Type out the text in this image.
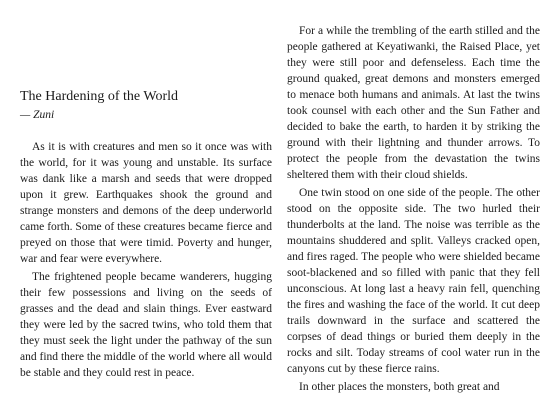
The Hardening of the World
— Zuni

As it is with creatures and men so it once was with the world, for it was young and unstable. Its surface was dank like a marsh and seeds that were dropped upon it grew. Earthquakes shook the ground and strange monsters and demons of the deep underworld came forth. Some of these creatures became fierce and preyed on those that were timid. Poverty and hunger, war and fear were everywhere.

The frightened people became wanderers, hugging their few possessions and living on the seeds of grasses and the dead and slain things. Ever eastward they were led by the sacred twins, who told them that they must seek the light under the pathway of the sun and find there the middle of the world where all would be stable and they could rest in peace.

For a while the trembling of the earth stilled and the people gathered at Keyatiwanki, the Raised Place, yet they were still poor and defenseless. Each time the ground quaked, great demons and monsters emerged to menace both humans and animals. At last the twins took counsel with each other and the Sun Father and decided to bake the earth, to harden it by striking the ground with their lightning and thunder arrows. To protect the people from the devastation the twins sheltered them with their cloud shields.

One twin stood on one side of the people. The other stood on the opposite side. The two hurled their thunderbolts at the land. The noise was terrible as the mountains shuddered and split. Valleys cracked open, and fires raged. The people who were shielded became soot-blackened and so filled with panic that they fell unconscious. At long last a heavy rain fell, quenching the fires and washing the face of the world. It cut deep trails downward in the surface and scattered the corpses of dead things or buried them deeply in the rocks and silt. Today streams of cool water run in the canyons cut by these fierce rains.

In other places the monsters, both great and
